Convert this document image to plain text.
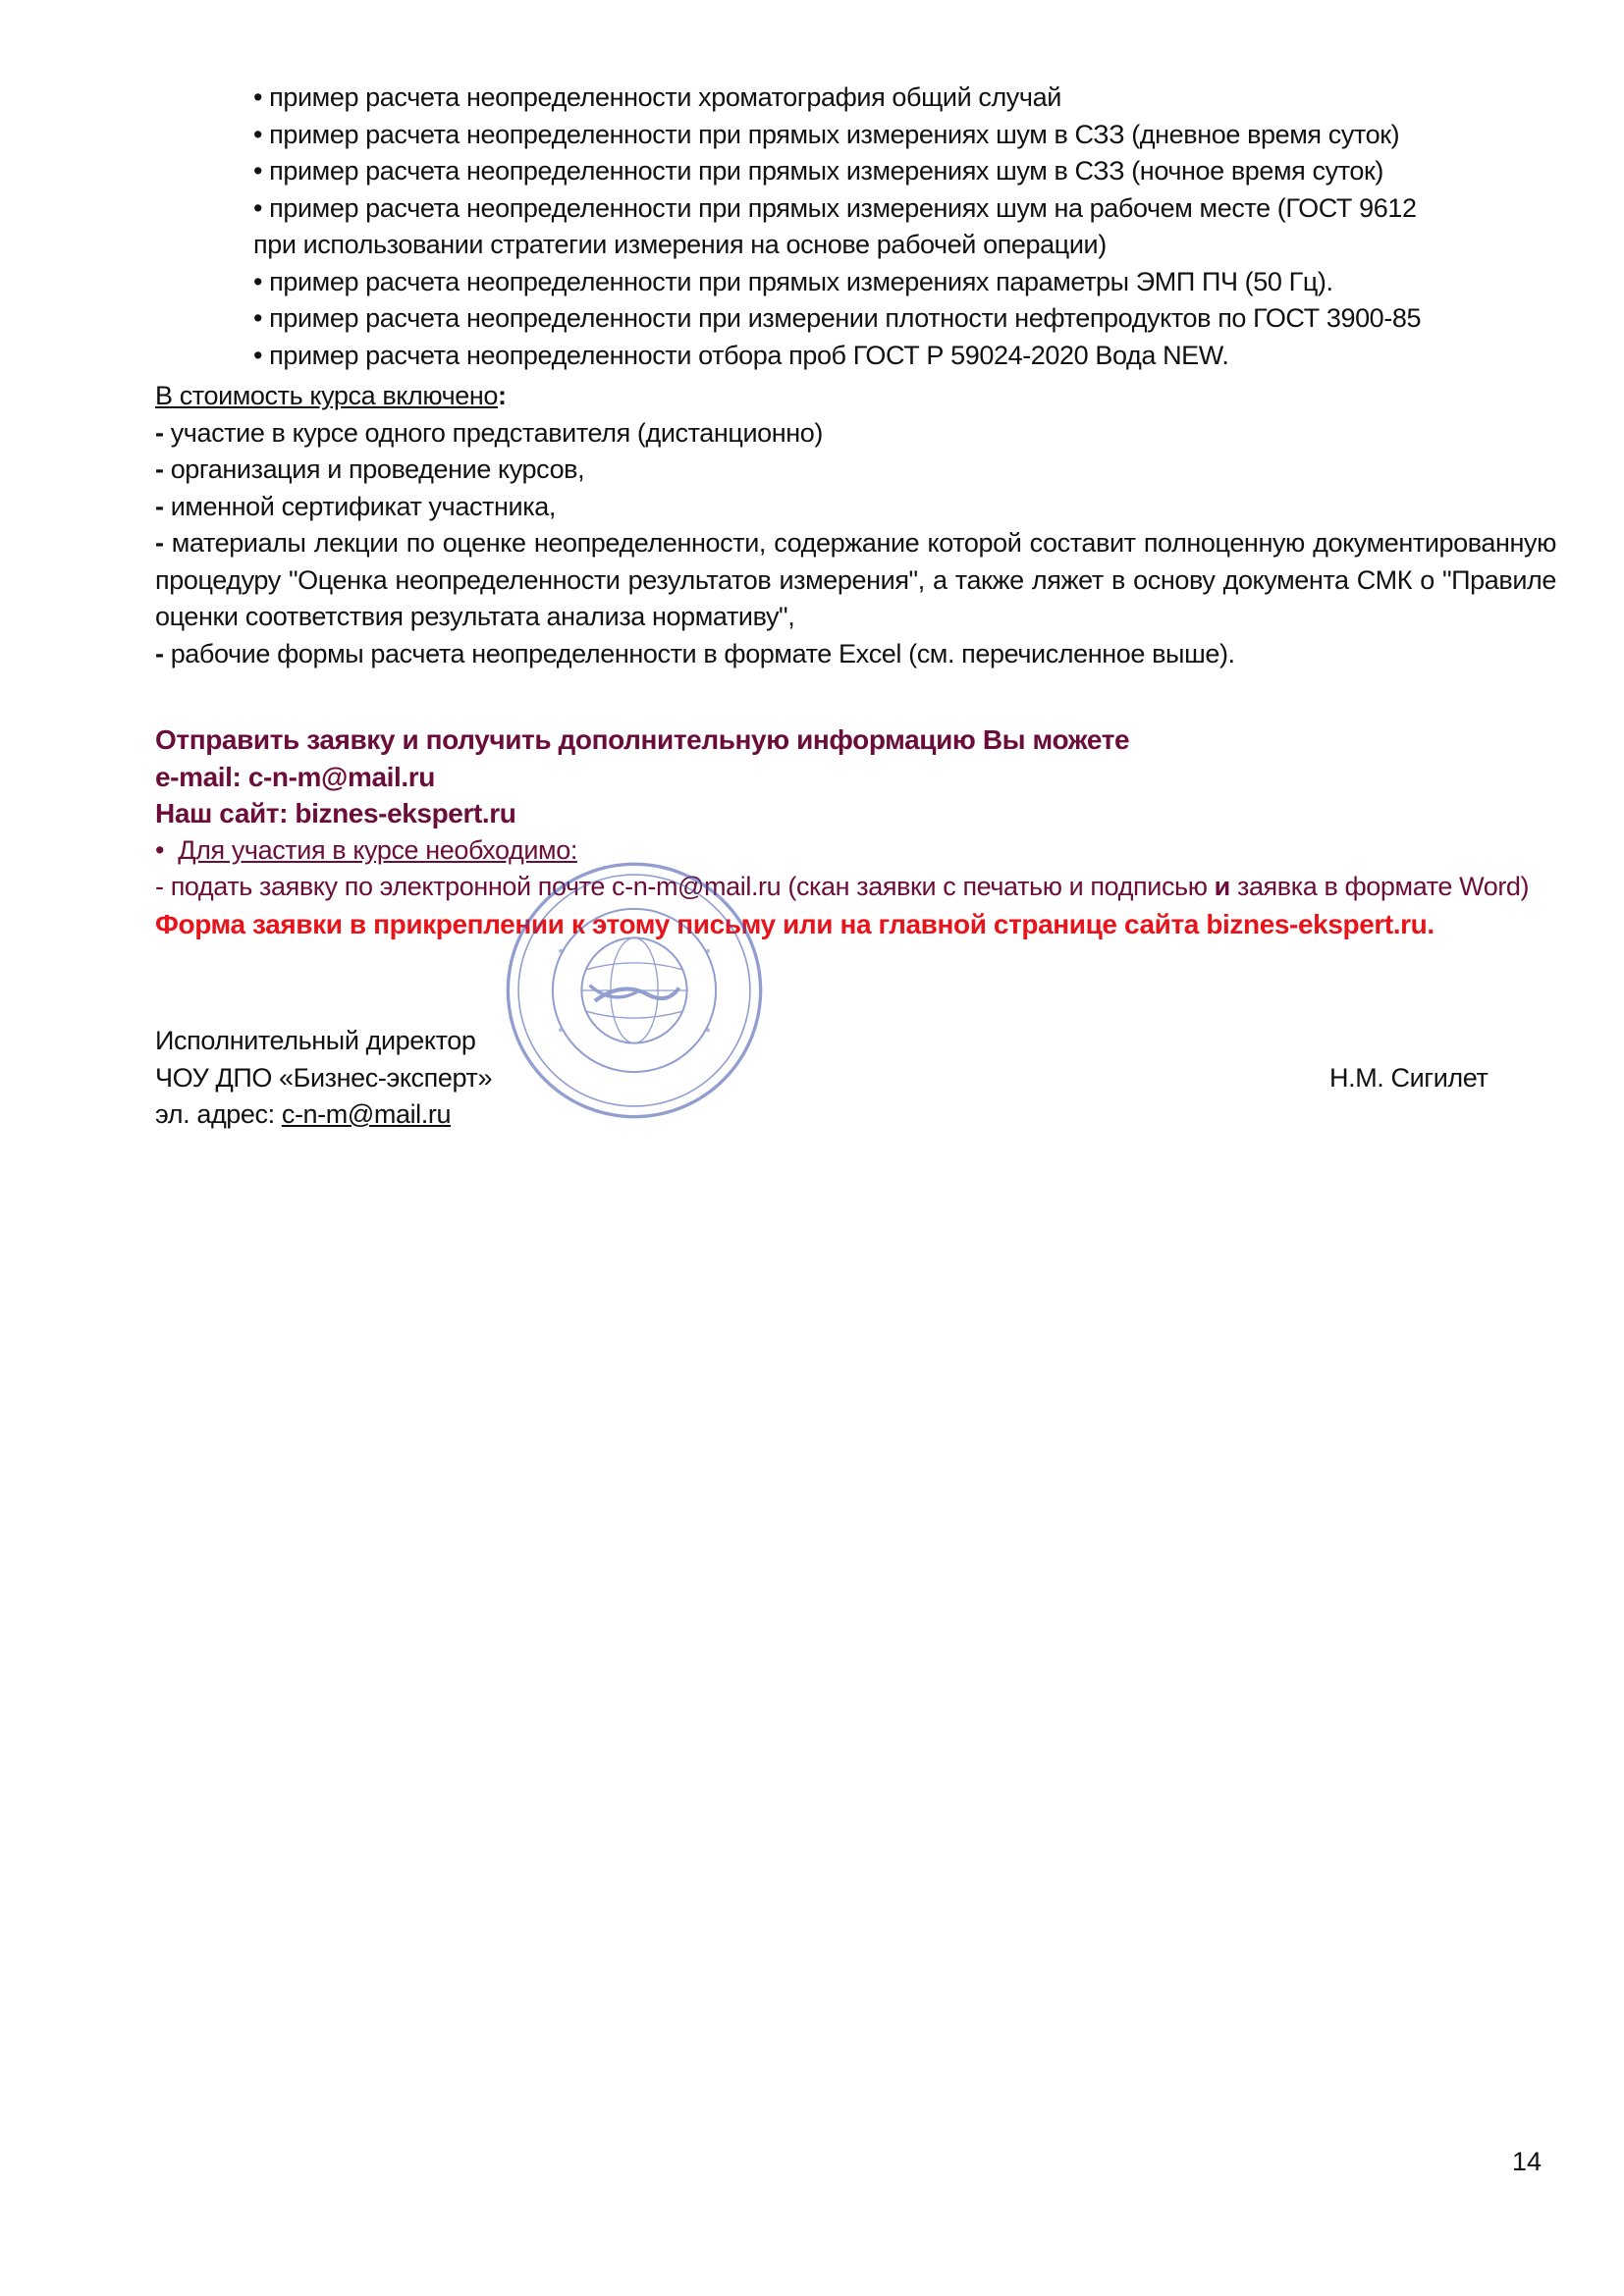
• пример расчета неопределенности хроматография общий случай

• пример расчета неопределенности при прямых измерениях шум в СЗЗ (дневное время суток)

• пример расчета неопределенности при прямых измерениях шум в СЗЗ (ночное время суток)

• пример расчета неопределенности при прямых измерениях шум на рабочем месте (ГОСТ 9612

при использовании стратегии измерения на основе рабочей операции)

• пример расчета неопределенности при прямых измерениях параметры ЭМП ПЧ (50 Гц).

• пример расчета неопределенности при измерении плотности нефтепродуктов по ГОСТ 3900-85

• пример расчета неопределенности отбора проб ГОСТ Р 59024-2020 Вода NEW.

В стоимость курса включено:

- участие в курсе одного представителя (дистанционно)

- организация и проведение курсов,

- именной сертификат участника,

- материалы лекции по оценке неопределенности, содержание которой составит полноценную документированную процедуру "Оценка неопределенности результатов измерения", а также ляжет в основу документа СМК о "Правиле оценки соответствия результата анализа нормативу",

- рабочие формы расчета неопределенности в формате Excel (см. перечисленное выше).

Отправить заявку и получить дополнительную информацию Вы можете

e-mail: c-n-m@mail.ru

Наш сайт: biznes-ekspert.ru

• Для участия в курсе необходимо:

- подать заявку по электронной почте c-n-m@mail.ru (скан заявки с печатью и подписью и заявка в формате Word)

Форма заявки в прикреплении к этому письму или на главной странице сайта biznes-ekspert.ru.

Исполнительный директор

ЧОУ ДПО «Бизнес-эксперт»	Н.М. Сигилет

эл. адрес: c-n-m@mail.ru

14
